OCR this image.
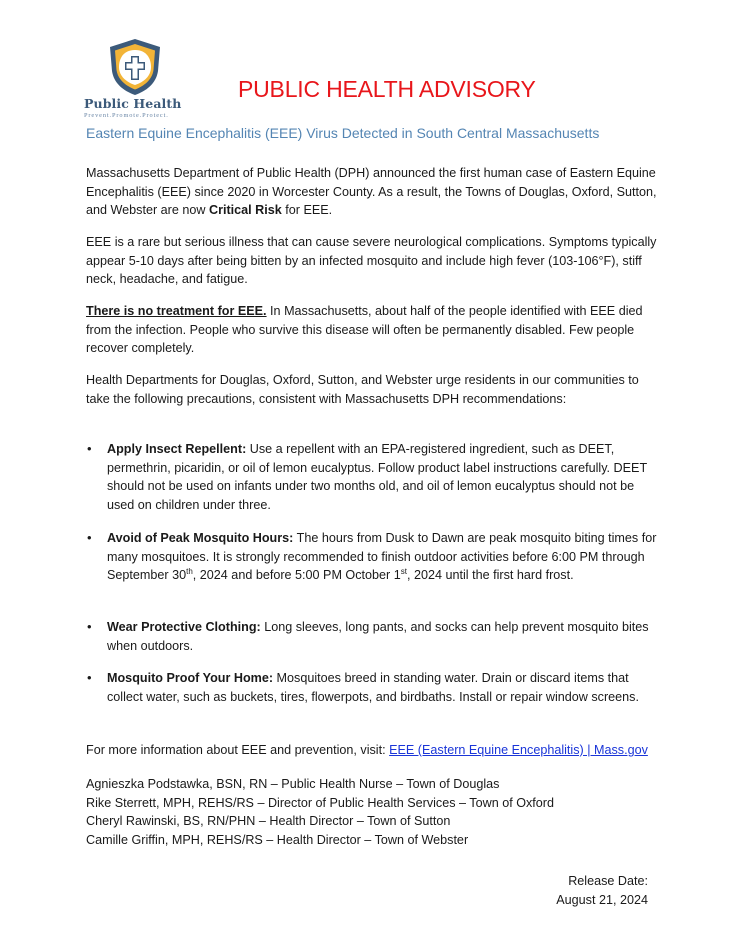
Public Health
Prevent.Promote.Protect.
PUBLIC HEALTH ADVISORY
Eastern Equine Encephalitis (EEE) Virus Detected in South Central Massachusetts

Massachusetts Department of Public Health (DPH) announced the first human case of Eastern Equine Encephalitis (EEE) since 2020 in Worcester County. As a result, the Towns of Douglas, Oxford, Sutton, and Webster are now Critical Risk for EEE.

EEE is a rare but serious illness that can cause severe neurological complications. Symptoms typically appear 5-10 days after being bitten by an infected mosquito and include high fever (103-106°F), stiff neck, headache, and fatigue.

There is no treatment for EEE. In Massachusetts, about half of the people identified with EEE died from the infection. People who survive this disease will often be permanently disabled. Few people recover completely.

Health Departments for Douglas, Oxford, Sutton, and Webster urge residents in our communities to take the following precautions, consistent with Massachusetts DPH recommendations:

• Apply Insect Repellent: Use a repellent with an EPA-registered ingredient, such as DEET, permethrin, picaridin, or oil of lemon eucalyptus. Follow product label instructions carefully. DEET should not be used on infants under two months old, and oil of lemon eucalyptus should not be used on children under three.
• Avoid of Peak Mosquito Hours: The hours from Dusk to Dawn are peak mosquito biting times for many mosquitoes. It is strongly recommended to finish outdoor activities before 6:00 PM through September 30th, 2024 and before 5:00 PM October 1st, 2024 until the first hard frost.
• Wear Protective Clothing: Long sleeves, long pants, and socks can help prevent mosquito bites when outdoors.
• Mosquito Proof Your Home: Mosquitoes breed in standing water. Drain or discard items that collect water, such as buckets, tires, flowerpots, and birdbaths. Install or repair window screens.

For more information about EEE and prevention, visit: EEE (Eastern Equine Encephalitis) | Mass.gov

Agnieszka Podstawka, BSN, RN – Public Health Nurse – Town of Douglas
Rike Sterrett, MPH, REHS/RS – Director of Public Health Services – Town of Oxford
Cheryl Rawinski, BS, RN/PHN – Health Director – Town of Sutton
Camille Griffin, MPH, REHS/RS – Health Director – Town of Webster
Release Date:
August 21, 2024
